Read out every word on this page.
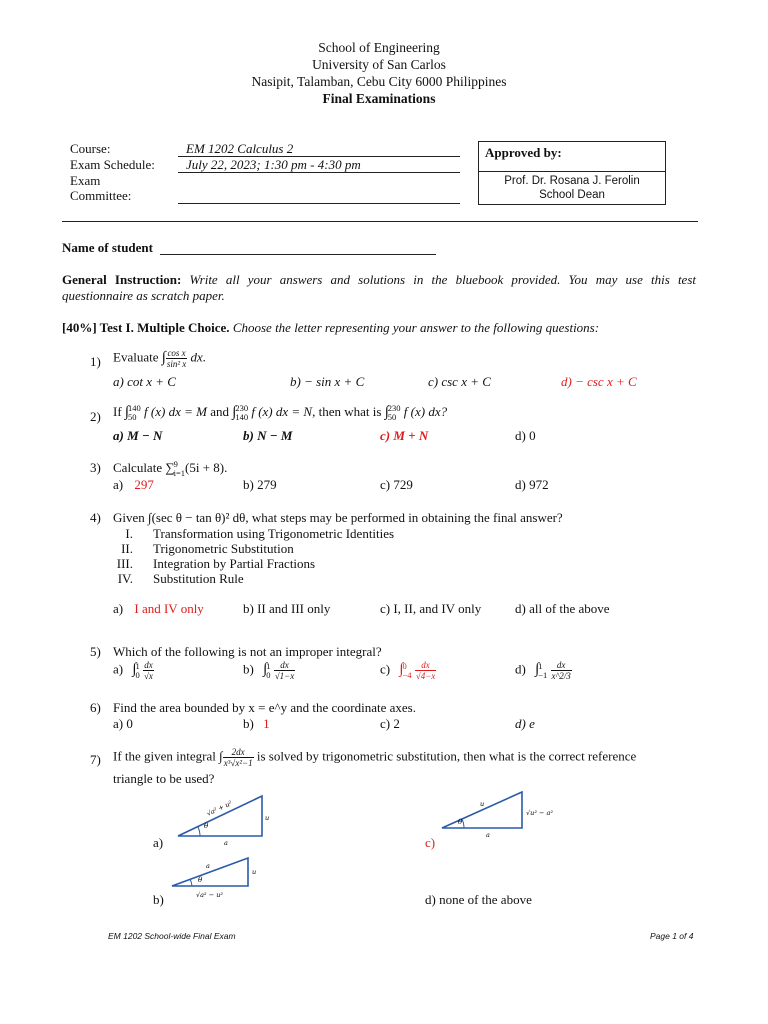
School of Engineering
University of San Carlos
Nasipit, Talamban, Cebu City 6000 Philippines
Final Examinations
Course:	EM 1202 Calculus 2
Exam Schedule: July 22, 2023; 1:30 pm - 4:30 pm
Exam
Committee:
Approved by:
Prof. Dr. Rosana J. Ferolin
School Dean
Name of student
General Instruction: Write all your answers and solutions in the bluebook provided. You may use this test
questionnaire as scratch paper.
[40%] Test I. Multiple Choice. Choose the letter representing your answer to the following questions:
1) Evaluate ∫ $\frac{\text{cos x}}{\text{sin² x}}$ dx.
a) cot x + C	b) − sin x + C	c) csc x + C	d) − csc x + C
2) If ∫ 140
50 f (x) dx = M and ∫ 230
140 f (x) dx = N, then what is ∫ 230
50 f (x) dx?
a) M − N	b) N − M	c) M + N	d) 0
3) Calculate ∑ 9
i=1 (5i + 8).
a) 297	b) 279	c) 729	d) 972
4) Given ∫(sec θ − tan θ)² dθ, what steps may be performed in obtaining the final answer?
I. Transformation using Trigonometric Identities
II. Trigonometric Substitution
III. Integration by Partial Fractions
IV. Substitution Rule
a) I and IV only	b) II and III only	c) I, II, and IV only	d) all of the above
5) Which of the following is not an improper integral?
a) ∫ 1
0
$\frac{dx}{√x}$	b) ∫ 1
0
$\frac{dx}{√1-x}$	c) ∫ 0
−4
$\frac{dx}{√4-x}$	d) ∫ 1
−1
$\frac{dx}{x\^{}2/3}$
6) Find the area bounded by x = e^y and the coordinate axes.
a) 0	b) 1	c) 2	d) e
7) If the given integral ∫ $\frac{2dx}{\text{x³√x²−1}}$ is solved by trigonometric substitution, then what is the correct reference
triangle to be used?
θ
√a² + u²
u
a
a)
θ
a
u
√a² − u²
b)
θ
u
√u² − a²
a
c)
d) none of the above
EM 1202 School-wide Final Exam	Page 1 of 4
